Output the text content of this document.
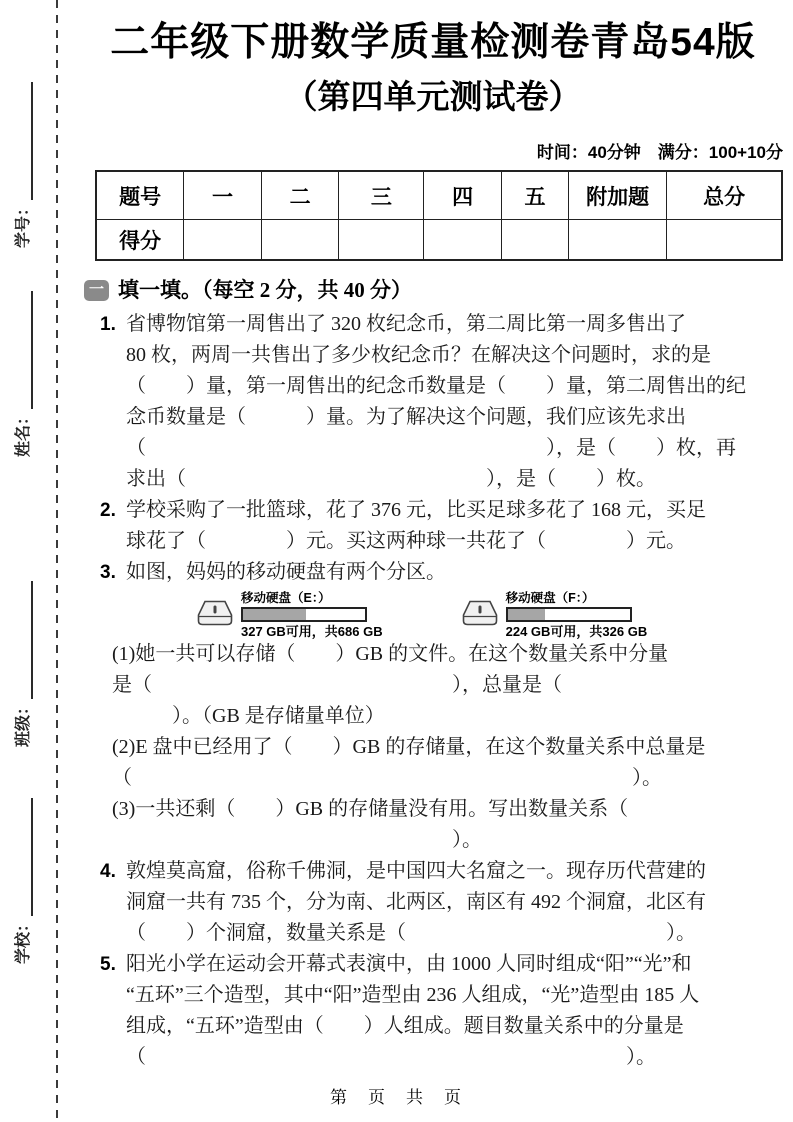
学号：
姓名：
班级：
学校：
二年级下册数学质量检测卷青岛54版
（第四单元测试卷）
时间：40分钟　满分：100+10分
题号	一	二	三	四	五	附加题	总分
得分							
一 填一填。（每空 2 分，共 40 分）
1. 省博物馆第一周售出了 320 枚纪念币，第二周比第一周多售出了
80 枚，两周一共售出了多少枚纪念币？在解决这个问题时，求的是
（　　）量，第一周售出的纪念币数量是（　　）量，第二周售出的纪
念币数量是（　　　）量。为了解决这个问题，我们应该先求出
（　　　　　　　　　　　　　　　　　　　　），是（　　）枚，再
求出（　　　　　　　　　　　　　　　），是（　　）枚。
2. 学校采购了一批篮球，花了 376 元，比买足球多花了 168 元，买足
球花了（　　　　）元。买这两种球一共花了（　　　　）元。
3. 如图，妈妈的移动硬盘有两个分区。
移动硬盘（E：）
327 GB可用，共686 GB
移动硬盘（F：）
224 GB可用，共326 GB
(1)她一共可以存储（　　）GB 的文件。在这个数量关系中分量
是（　　　　　　　　　　　　　　　），总量是（
　　　）。（GB 是存储量单位）
(2)E 盘中已经用了（　　）GB 的存储量，在这个数量关系中总量是
（　　　　　　　　　　　　　　　　　　　　　　　　　）。
(3)一共还剩（　　）GB 的存储量没有用。写出数量关系（
　　　　　　　　　　　　　　　　　）。
4. 敦煌莫高窟，俗称千佛洞，是中国四大名窟之一。现存历代营建的
洞窟一共有 735 个，分为南、北两区，南区有 492 个洞窟，北区有
（　　）个洞窟，数量关系是（　　　　　　　　　　　　　）。
5. 阳光小学在运动会开幕式表演中，由 1000 人同时组成“阳”“光”和
“五环”三个造型，其中“阳”造型由 236 人组成，“光”造型由 185 人
组成，“五环”造型由（　　）人组成。题目数量关系中的分量是
（　　　　　　　　　　　　　　　　　　　　　　　　）。
第　页　共　页
